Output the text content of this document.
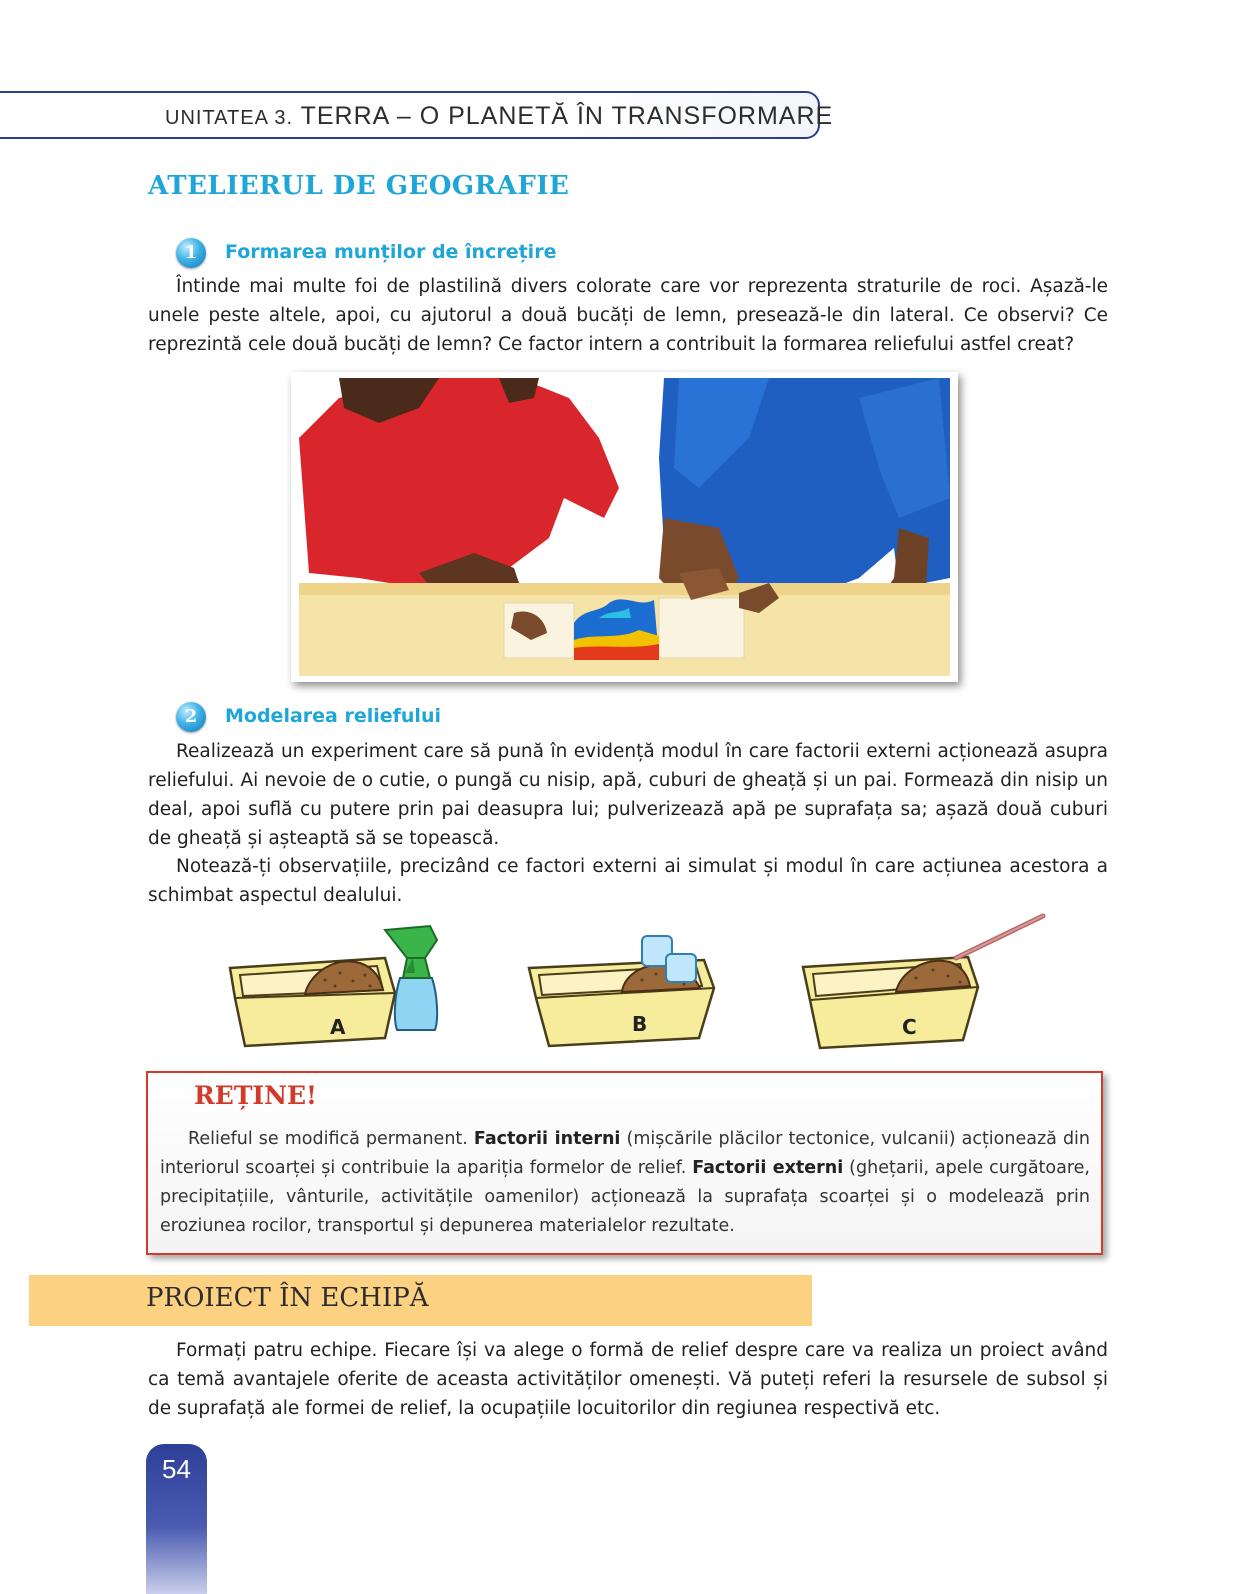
UNITATEA 3. TERRA – O PLANETĂ ÎN TRANSFORMARE
ATELIERUL DE GEOGRAFIE
1	Formarea munților de încrețire

Întinde mai multe foi de plastilină divers colorate care vor reprezenta straturile de roci. Așază-le unele peste altele, apoi, cu ajutorul a două bucăți de lemn, presează-le din lateral. Ce observi? Ce reprezintă cele două bucăți de lemn? Ce factor intern a contribuit la formarea reliefului astfel creat?

2	Modelarea reliefului

Realizează un experiment care să pună în evidență modul în care factorii externi acționează asupra reliefului. Ai nevoie de o cutie, o pungă cu nisip, apă, cuburi de gheață și un pai. Formează din nisip un deal, apoi suflă cu putere prin pai deasupra lui; pulverizează apă pe suprafața sa; așază două cuburi de gheață și așteaptă să se topească.

Notează-ți observațiile, precizând ce factori externi ai simulat și modul în care acțiunea acestora a schimbat aspectul dealului.

A	B	C
REȚINE!

Relieful se modifică permanent. Factorii interni (mișcările plăcilor tectonice, vulcanii) acționează din interiorul scoarței și contribuie la apariția formelor de relief. Factorii externi (ghețarii, apele curgătoare, precipitațiile, vânturile, activitățile oamenilor) acționează la suprafața scoarței și o modelează prin eroziunea rocilor, transportul și depunerea materialelor rezultate.

PROIECT ÎN ECHIPĂ

Formați patru echipe. Fiecare își va alege o formă de relief despre care va realiza un proiect având ca temă avantajele oferite de aceasta activităților omenești. Vă puteți referi la resursele de subsol și de suprafață ale formei de relief, la ocupațiile locuitorilor din regiunea respectivă etc.

54
